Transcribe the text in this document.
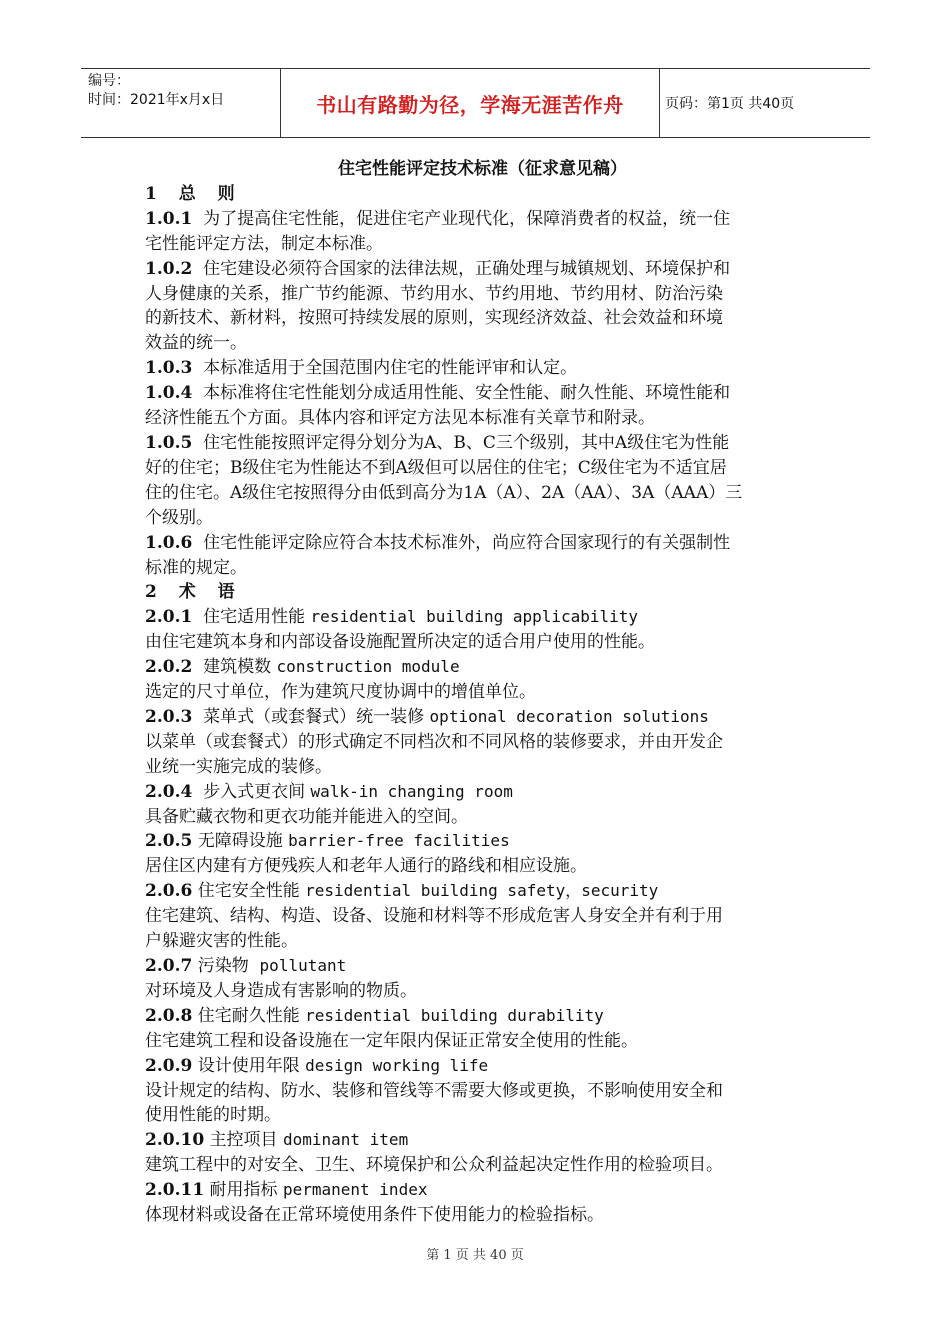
编号：
时间：2021年x月x日	书山有路勤为径，学海无涯苦作舟	页码：第1页 共40页
住宅性能评定技术标准（征求意见稿）
1 总 则
1.0.1  为了提高住宅性能，促进住宅产业现代化，保障消费者的权益，统一住
宅性能评定方法，制定本标准。
1.0.2  住宅建设必须符合国家的法律法规，正确处理与城镇规划、环境保护和
人身健康的关系，推广节约能源、节约用水、节约用地、节约用材、防治污染
的新技术、新材料，按照可持续发展的原则，实现经济效益、社会效益和环境
效益的统一。
1.0.3  本标准适用于全国范围内住宅的性能评审和认定。
1.0.4  本标准将住宅性能划分成适用性能、安全性能、耐久性能、环境性能和
经济性能五个方面。具体内容和评定方法见本标准有关章节和附录。
1.0.5  住宅性能按照评定得分划分为A、B、C三个级别，其中A级住宅为性能
好的住宅；B级住宅为性能达不到A级但可以居住的住宅；C级住宅为不适宜居
住的住宅。A级住宅按照得分由低到高分为1A（A）、2A（AA）、3A（AAA）三
个级别。
1.0.6  住宅性能评定除应符合本技术标准外，尚应符合国家现行的有关强制性
标准的规定。
2 术 语
2.0.1  住宅适用性能 residential building applicability
由住宅建筑本身和内部设备设施配置所决定的适合用户使用的性能。
2.0.2  建筑模数 construction module
选定的尺寸单位，作为建筑尺度协调中的增值单位。
2.0.3  菜单式（或套餐式）统一装修 optional decoration solutions
以菜单（或套餐式）的形式确定不同档次和不同风格的装修要求，并由开发企
业统一实施完成的装修。
2.0.4  步入式更衣间 walk-in changing room
具备贮藏衣物和更衣功能并能进入的空间。
2.0.5 无障碍设施 barrier-free facilities
居住区内建有方便残疾人和老年人通行的路线和相应设施。
2.0.6 住宅安全性能 residential building safety，security
住宅建筑、结构、构造、设备、设施和材料等不形成危害人身安全并有利于用
户躲避灾害的性能。
2.0.7 污染物  pollutant
对环境及人身造成有害影响的物质。
2.0.8 住宅耐久性能 residential building durability
住宅建筑工程和设备设施在一定年限内保证正常安全使用的性能。
2.0.9 设计使用年限 design working life
设计规定的结构、防水、装修和管线等不需要大修或更换，不影响使用安全和
使用性能的时期。
2.0.10 主控项目 dominant item
建筑工程中的对安全、卫生、环境保护和公众利益起决定性作用的检验项目。
2.0.11 耐用指标 permanent index
体现材料或设备在正常环境使用条件下使用能力的检验指标。
第 1 页 共 40 页
